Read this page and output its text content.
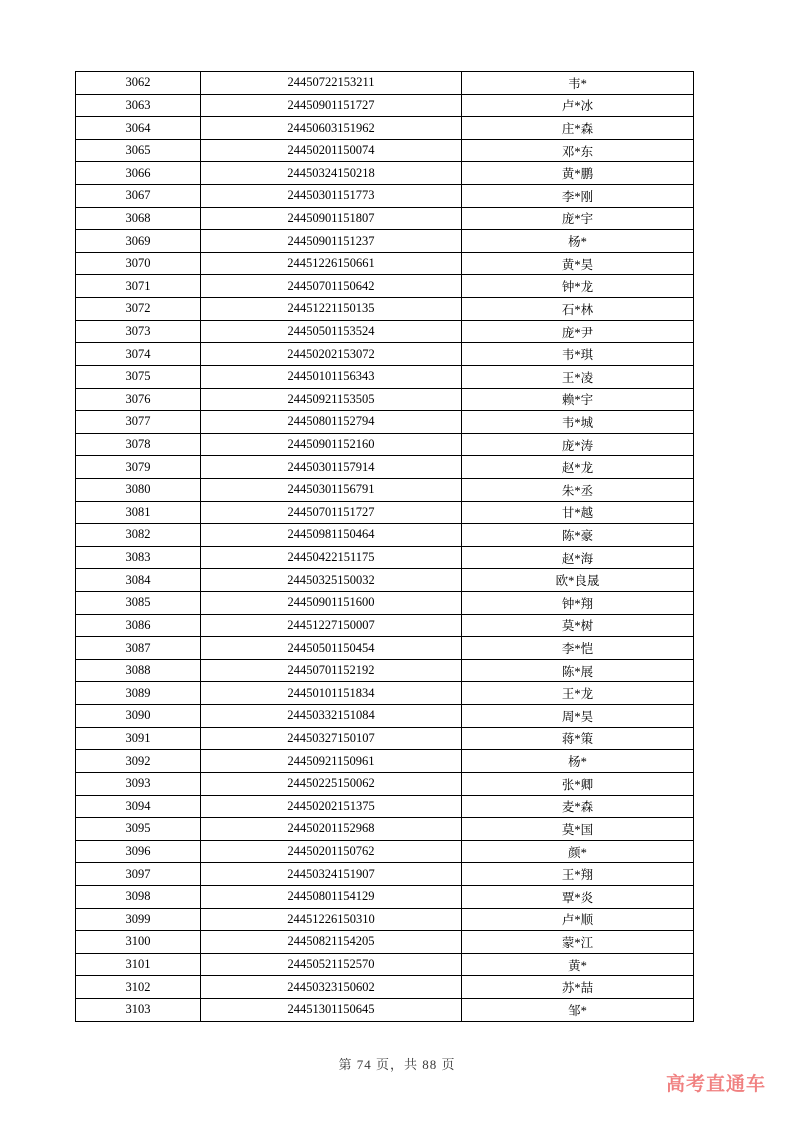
3062	24450722153211	韦*
3063	24450901151727	卢*冰
3064	24450603151962	庄*森
3065	24450201150074	邓*东
3066	24450324150218	黄*鹏
3067	24450301151773	李*刚
3068	24450901151807	庞*宇
3069	24450901151237	杨*
3070	24451226150661	黄*昊
3071	24450701150642	钟*龙
3072	24451221150135	石*林
3073	24450501153524	庞*尹
3074	24450202153072	韦*琪
3075	24450101156343	王*凌
3076	24450921153505	赖*宇
3077	24450801152794	韦*城
3078	24450901152160	庞*涛
3079	24450301157914	赵*龙
3080	24450301156791	朱*丞
3081	24450701151727	甘*越
3082	24450981150464	陈*豪
3083	24450422151175	赵*海
3084	24450325150032	欧*良晟
3085	24450901151600	钟*翔
3086	24451227150007	莫*树
3087	24450501150454	李*恺
3088	24450701152192	陈*展
3089	24450101151834	王*龙
3090	24450332151084	周*昊
3091	24450327150107	蒋*策
3092	24450921150961	杨*
3093	24450225150062	张*卿
3094	24450202151375	麦*森
3095	24450201152968	莫*国
3096	24450201150762	颜*
3097	24450324151907	王*翔
3098	24450801154129	覃*炎
3099	24451226150310	卢*顺
3100	24450821154205	蒙*江
3101	24450521152570	黄*
3102	24450323150602	苏*喆
3103	24451301150645	邹*
第 74 页，共 88 页
高考直通车
